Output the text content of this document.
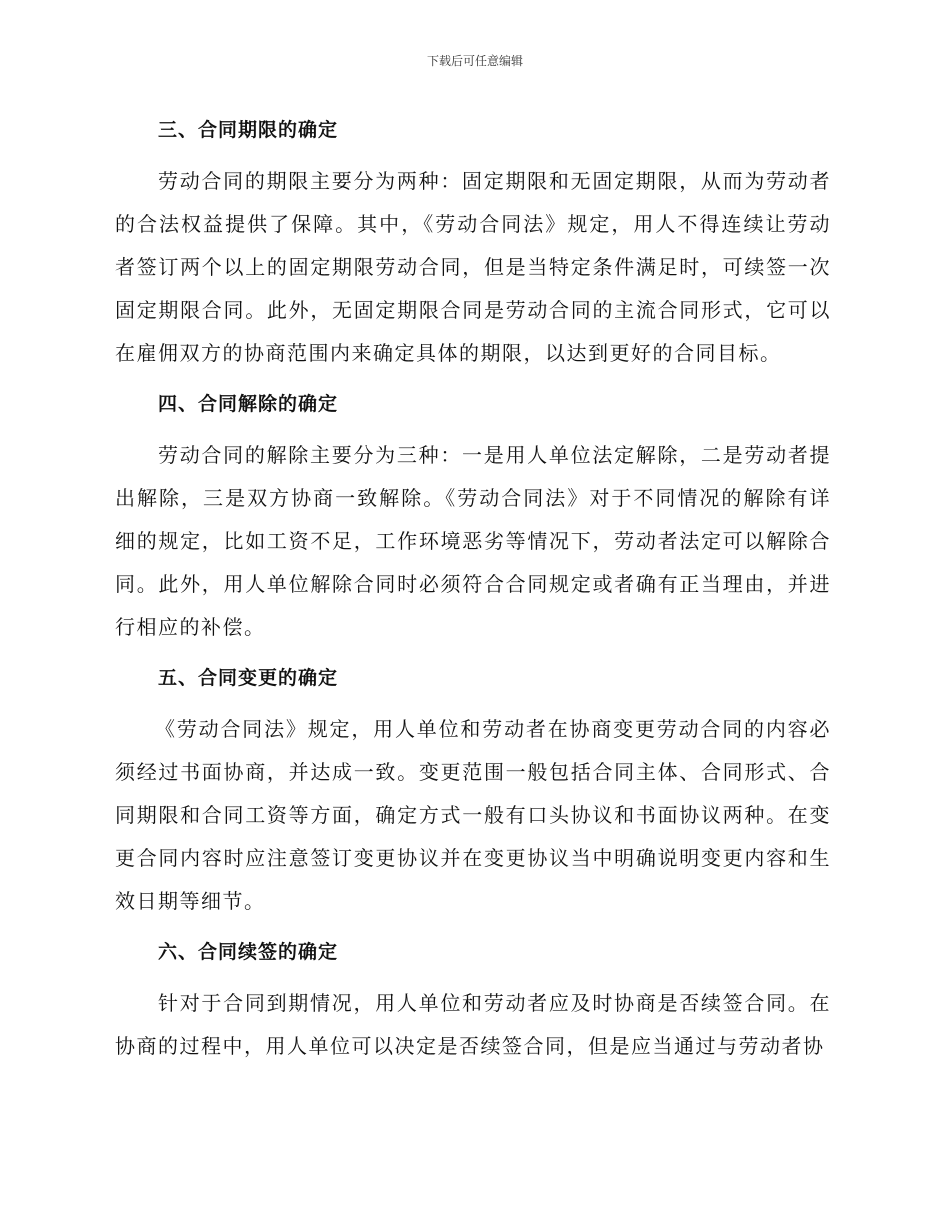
下载后可任意编辑
三、合同期限的确定

劳动合同的期限主要分为两种：固定期限和无固定期限，从而为劳动者的合法权益提供了保障。其中，《劳动合同法》规定，用人不得连续让劳动者签订两个以上的固定期限劳动合同，但是当特定条件满足时，可续签一次固定期限合同。此外，无固定期限合同是劳动合同的主流合同形式，它可以在雇佣双方的协商范围内来确定具体的期限，以达到更好的合同目标。

四、合同解除的确定

劳动合同的解除主要分为三种：一是用人单位法定解除，二是劳动者提出解除，三是双方协商一致解除。《劳动合同法》对于不同情况的解除有详细的规定，比如工资不足，工作环境恶劣等情况下，劳动者法定可以解除合同。此外，用人单位解除合同时必须符合合同规定或者确有正当理由，并进行相应的补偿。

五、合同变更的确定

《劳动合同法》规定，用人单位和劳动者在协商变更劳动合同的内容必须经过书面协商，并达成一致。变更范围一般包括合同主体、合同形式、合同期限和合同工资等方面，确定方式一般有口头协议和书面协议两种。在变更合同内容时应注意签订变更协议并在变更协议当中明确说明变更内容和生效日期等细节。

六、合同续签的确定

针对于合同到期情况，用人单位和劳动者应及时协商是否续签合同。在协商的过程中，用人单位可以决定是否续签合同，但是应当通过与劳动者协
